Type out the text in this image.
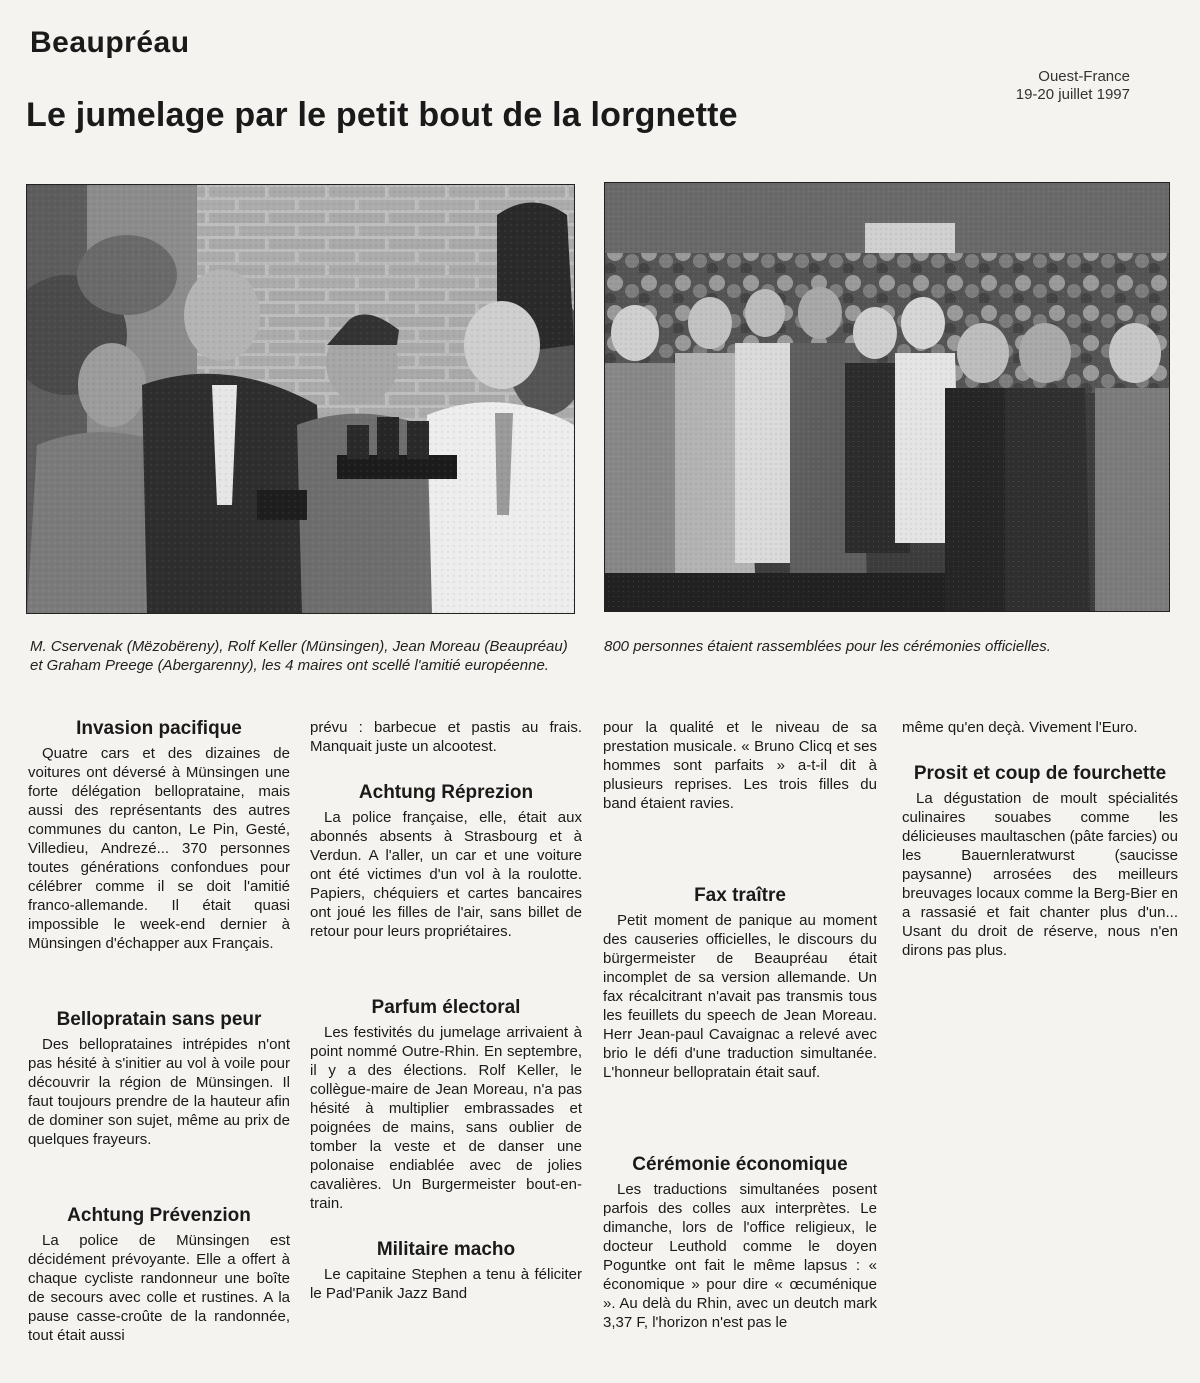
Beaupréau
Ouest-France
19-20 juillet 1997
Le jumelage par le petit bout de la lorgnette
M. Cservenak (Mëzobëreny), Rolf Keller (Münsingen), Jean Moreau (Beaupréau) et Graham Preege (Abergarenny), les 4 maires ont scellé l'amitié européenne.
800 personnes étaient rassemblées pour les cérémonies officielles.
Invasion pacifique

Quatre cars et des dizaines de voitures ont déversé à Münsingen une forte délégation belloprataine, mais aussi des représentants des autres communes du canton, Le Pin, Gesté, Villedieu, Andrezé... 370 personnes toutes générations confondues pour célébrer comme il se doit l'amitié franco-allemande. Il était quasi impossible le week-end dernier à Münsingen d'échapper aux Français.

Bellopratain sans peur

Des belloprataines intrépides n'ont pas hésité à s'initier au vol à voile pour découvrir la région de Münsingen. Il faut toujours prendre de la hauteur afin de dominer son sujet, même au prix de quelques frayeurs.

Achtung Prévenzion

La police de Münsingen est décidément prévoyante. Elle a offert à chaque cycliste randonneur une boîte de secours avec colle et rustines. A la pause casse-croûte de la randonnée, tout était aussi

prévu : barbecue et pastis au frais. Manquait juste un alcootest.

Achtung Réprezion

La police française, elle, était aux abonnés absents à Strasbourg et à Verdun. A l'aller, un car et une voiture ont été victimes d'un vol à la roulotte. Papiers, chéquiers et cartes bancaires ont joué les filles de l'air, sans billet de retour pour leurs propriétaires.

Parfum électoral

Les festivités du jumelage arrivaient à point nommé Outre-Rhin. En septembre, il y a des élections. Rolf Keller, le collègue-maire de Jean Moreau, n'a pas hésité à multiplier embrassades et poignées de mains, sans oublier de tomber la veste et de danser une polonaise endiablée avec de jolies cavalières. Un Burgermeister bout-en-train.

Militaire macho

Le capitaine Stephen a tenu à féliciter le Pad'Panik Jazz Band

pour la qualité et le niveau de sa prestation musicale. « Bruno Clicq et ses hommes sont parfaits » a-t-il dit à plusieurs reprises. Les trois filles du band étaient ravies.

Fax traître

Petit moment de panique au moment des causeries officielles, le discours du bürgermeister de Beaupréau était incomplet de sa version allemande. Un fax récalcitrant n'avait pas transmis tous les feuillets du speech de Jean Moreau. Herr Jean-paul Cavaignac a relevé avec brio le défi d'une traduction simultanée. L'honneur bellopratain était sauf.

Cérémonie économique

Les traductions simultanées posent parfois des colles aux interprètes. Le dimanche, lors de l'office religieux, le docteur Leuthold comme le doyen Poguntke ont fait le même lapsus : « économique » pour dire « œcuménique ». Au delà du Rhin, avec un deutch mark 3,37 F, l'horizon n'est pas le

même qu'en deçà. Vivement l'Euro.

Prosit et coup de fourchette

La dégustation de moult spécialités culinaires souabes comme les délicieuses maultaschen (pâte farcies) ou les Bauernleratwurst (saucisse paysanne) arrosées des meilleurs breuvages locaux comme la Berg-Bier en a rassasié et fait chanter plus d'un... Usant du droit de réserve, nous n'en dirons pas plus.
